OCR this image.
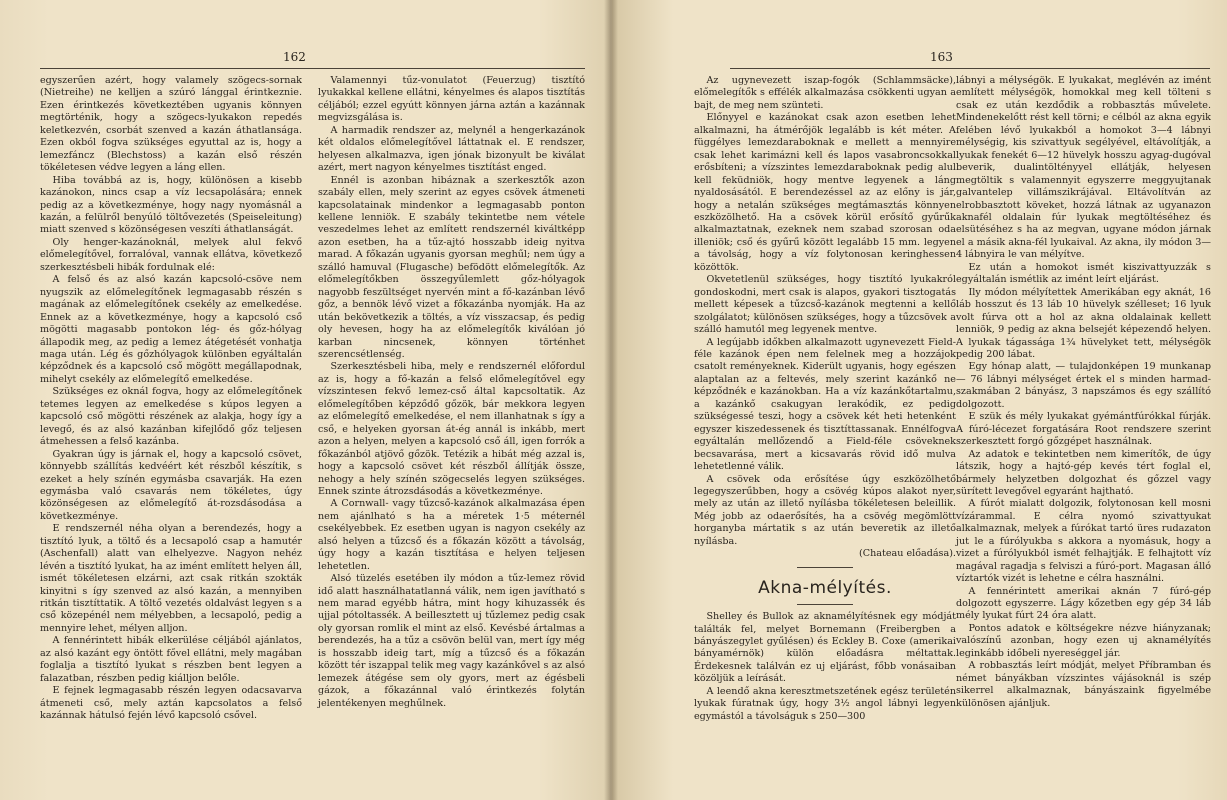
162

egyszerűen azért, hogy valamely szögecs-sornak (Nietreihe) ne kelljen a szúró lánggal érintkeznie. Ezen érintkezés következtében ugyanis könnyen megtörténik, hogy a szögecs-lyukakon repedés keletkezvén, csorbát szenved a kazán áthatlansága. Ezen okból fogva szükséges egyuttal az is, hogy a lemezfáncz (Blechstoss) a kazán első részén tökéletesen védve legyen a láng ellen.

Hiba továbbá az is, hogy, különösen a kisebb kazánokon, nincs csap a víz lecsapolására; ennek pedig az a következménye, hogy nagy nyomásnál a kazán, a felülről benyúló töltővezetés (Speiseleitung) miatt szenved s közönségesen veszíti áthatlanságát.

Oly henger-kazánoknál, melyek alul fekvő előmelegítővel, forralóval, vannak ellátva, következő szerkesztésbeli hibák fordulnak elé:

A felső és az alsó kazán kapcsoló-csöve nem nyugszik az előmelegítőnek legmagasabb részén s magának az előmelegítőnek csekély az emelkedése. Ennek az a következménye, hogy a kapcsoló cső mögötti magasabb pontokon lég- és gőz-hólyag állapodik meg, az pedig a lemez átégetését vonhatja maga után. Lég és gőzhólyagok különben egyáltalán képződnek és a kapcsoló cső mögött megállapodnak, mihelyt csekély az előmelegítő emelkedése.

Szükséges ez oknál fogva, hogy az előmelegítőnek tetemes legyen az emelkedése s kúpos legyen a kapcsoló cső mögötti részének az alakja, hogy így a levegő, és az alsó kazánban kifejlődő gőz teljesen átmehessen a felső kazánba.

Gyakran úgy is járnak el, hogy a kapcsoló csövet, könnyebb szállítás kedvéért két részből készítik, s ezeket a hely színén egymásba csavarják. Ha ezen egymásba való csavarás nem tökéletes, úgy közönségesen az előmelegítő át-rozsdásodása a következménye.

E rendszernél néha olyan a berendezés, hogy a tisztító lyuk, a töltő és a lecsapoló csap a hamutér (Aschenfall) alatt van elhelyezve. Nagyon nehéz lévén a tisztító lyukat, ha az imént említett helyen áll, ismét tökéletesen elzárni, azt csak ritkán szokták kinyitni s így szenved az alsó kazán, a mennyiben ritkán tisztíttatik. A töltő vezetés oldalvást legyen s a cső közepénél nem mélyebben, a lecsapoló, pedig a mennyire lehet, mélyen alljon.

A fennérintett hibák elkerülése céljából ajánlatos, az alsó kazánt egy öntött fővel ellátni, mely magában foglalja a tisztító lyukat s részben bent legyen a falazatban, részben pedig kiálljon belőle.

E fejnek legmagasabb részén legyen odacsavarva átmeneti cső, mely aztán kapcsolatos a felső kazánnak hátulsó fején lévő kapcsoló csővel.

Valamennyi tűz-vonulatot (Feuerzug) tisztító lyukakkal kellene ellátni, kényelmes és alapos tisztítás céljából; ezzel egyútt könnyen járna aztán a kazánnak megvizsgálása is.

A harmadik rendszer az, melynél a hengerkazánok két oldalos előmelegítővel láttatnak el. E rendszer, helyesen alkalmazva, igen jónak bizonyult be kiválat azért, mert nagyon kényelmes tisztítást enged.

Ennél is azonban hibáznak a szerkesztők azon szabály ellen, mely szerint az egyes csövek átmeneti kapcsolatainak mindenkor a legmagasabb ponton kellene lenniök. E szabály tekintetbe nem vétele veszedelmes lehet az említett rendszernél kiváltképp azon esetben, ha a tűz-ajtó hosszabb ideig nyitva marad. A főkazán ugyanis gyorsan meghűl; nem úgy a szálló hamuval (Flugasche) befödött előmelegítők. Az előmelegítőkben összegyűlemlett gőz-hólyagok nagyobb feszültséget nyervén mint a fő-kazánban lévő gőz, a bennök lévő vizet a főkazánba nyomják. Ha az után bekövetkezik a töltés, a víz visszacsap, és pedig oly hevesen, hogy ha az előmelegítők kiválóan jó karban nincsenek, könnyen történhet szerencsétlenség.

Szerkesztésbeli hiba, mely e rendszernél előfordul az is, hogy a fő-kazán a felső előmelegítővel egy vízszintesen fekvő lemez-cső által kapcsoltatik. Az előmelegítőben képződő gőzök, bár mekkora legyen az előmelegítő emelkedése, el nem illanhatnak s így a cső, e helyeken gyorsan át-ég annál is inkább, mert azon a helyen, melyen a kapcsoló cső áll, igen forrók a főkazánból atjövő gőzök. Tetézik a hibát még azzal is, hogy a kapcsoló csövet két részből állítják össze, nehogy a hely színén szögecselés legyen szükséges. Ennek szinte átrozsdásodás a következménye.

A Cornwall- vagy tűzcső-kazánok alkalmazása épen nem ajánlható s ha a méretek 1·5 méternél csekélyebbek. Ez esetben ugyan is nagyon csekély az alsó helyen a tűzcső és a főkazán között a távolság, úgy hogy a kazán tisztítása e helyen teljesen lehetetlen.

Alsó tüzelés esetében ily módon a tűz-lemez rövid idő alatt használhatatlanná válik, nem igen javítható s nem marad egyébb hátra, mint hogy kihuzassék és ujjal pótoltassék. A beillesztett uj tűzlemez pedig csak oly gyorsan romlik el mint az első. Kevésbé ártalmas a berendezés, ha a tűz a csövön belül van, mert így még is hosszabb ideig tart, míg a tűzcső és a főkazán között tér iszappal telik meg vagy kazánkővel s az alsó lemezek átégése sem oly gyors, mert az égésbeli gázok, a főkazánnal való érintkezés folytán jelentékenyen meghűlnek.

163

Az ugynevezett iszap-fogók (Schlammsäcke), előmelegítők s effélék alkalmazása csökkenti ugyan a bajt, de meg nem szünteti.

Előnyyel e kazánokat csak azon esetben lehet alkalmazni, ha átmérőjök legalább is két méter. A függélyes lemezdaraboknak e mellett a mennyire csak lehet karimázni kell és lapos vasabroncsokkal erősbíteni; a vízszintes lemezdaraboknak pedig alul kell feküdniök, hogy mentve legyenek a láng nyaldosásától. E berendezéssel az az előny is jár, hogy a netalán szükséges megtámasztás könnyen eszközölhető. Ha a csövek körül erősítő gyűrűk alkalmaztatnak, ezeknek nem szabad szorosan oda illeniök; cső és gyűrű között legalább 15 mm. legyen a távolság, hogy a víz folytonosan keringhessen közöttök.

Okvetetlenül szükséges, hogy tisztító lyukakról gondoskodni, mert csak is alapos, gyakori tisztogatás mellett képesek a tűzcső-kazánok megtenni a kellő szolgálatot; különösen szükséges, hogy a tűzcsövek a szálló hamutól meg legyenek mentve.

A legújabb időkben alkalmazott ugynevezett Field-féle kazánok épen nem felelnek meg a hozzájok csatolt reményeknek. Kiderült ugyanis, hogy egészen alaptalan az a feltevés, mely szerint kazánkő ne képződnék e kazánokban. Ha a víz kazánkőtartalmu, a kazánkő csakugyan lerakódik, ez pedig szükségessé teszi, hogy a csövek két heti hetenként egyszer kiszedessenek és tisztíttassanak. Ennélfogva egyáltalán mellőzendő a Field-féle csöveknek becsavarása, mert a kicsavarás rövid idő mulva lehetetlenné válik.

A csövek oda erősítése úgy eszközölhető legegyszerűbben, hogy a csövég kúpos alakot nyer, mely az után az illető nyílásba tökéletesen beleillik. Még jobb az odaerősítés, ha a csövég megömlött horganyba mártatik s az után beveretik az illető nyílásba.

(Chateau előadása).

Akna-mélyítés.

Shelley és Bullok az aknamélyítésnek egy módját találták fel, melyet Bornemann (Freibergben a bányászegylet gyűlésen) és Eckley B. Coxe (amerikai bányamérnök) külön előadásra méltattak. Érdekesnek találván ez uj eljárást, főbb vonásaiban közöljük a leírását.

A leendő akna keresztmetszetének egész területén lyukak fúratnak úgy, hogy 3½ angol lábnyi legyen egymástól a távolságuk s 250—300

lábnyi a mélységök. E lyukakat, meglévén az imént említett mélységök, homokkal meg kell tölteni s csak ez után kezdődik a robbasztás művelete. Mindenekelőtt rést kell törni; e célból az akna egyik felében lévő lyukakból a homokot 3—4 lábnyi mélységig, kis szivattyuk segélyével, eltávolítják, a lyukak fenekét 6—12 hüvelyk hosszu agyag-dugóval beverik, dualintöltényyel ellátják, helyesen megtöltik s valamennyit egyszerre meggyujtanak galvantelep villámszikrájával. Eltávolítván az elrobbasztott köveket, hozzá látnak az ugyanazon aknafél oldalain fúr lyukak megtöltéséhez és elsütéséhez s ha az megvan, ugyane módon járnak el a másik akna-fél lyukaival. Az akna, ily módon 3—4 lábnyira le van mélyítve.

Ez után a homokot ismét kiszivattyuzzák s egyáltalán ismétlik az imént leírt eljárást.

Ily módon mélyítettek Amerikában egy aknát, 16 láb hosszut és 13 láb 10 hüvelyk szélleset; 16 lyuk volt fúrva ott a hol az akna oldalainak kellett lenniök, 9 pedig az akna belsejét képezendő helyen. A lyukak tágassága 1¾ hüvelyket tett, mélységök pedig 200 lábat.

Egy hónap alatt, — tulajdonképen 19 munkanap — 76 lábnyi mélységet értek el s minden harmad-szakmában 2 bányász, 3 napszámos és egy szállító dolgozott.

E szük és mély lyukakat gyémántfúrókkal fúrják. A fúró-lécezet forgatására Root rendszere szerint szerkesztett forgó gőzgépet használnak.

Az adatok e tekintetben nem kimerítők, de úgy látszik, hogy a hajtó-gép kevés tért foglal el, bármely helyzetben dolgozhat és gőzzel vagy sürített levegővel egyaránt hajtható.

A fúrót mialatt dolgozik, folytonosan kell mosni vízárammal. E célra nyomó szivattyukat alkalmaznak, melyek a fúrókat tartó üres rudazaton jut le a fúrólyukba s akkora a nyomásuk, hogy a vizet a fúrólyukból ismét felhajtják. E felhajtott víz magával ragadja s felviszi a fúró-port. Magasan álló víztartók vizét is lehetne e célra használni.

A fennérintett amerikai aknán 7 fúró-gép dolgozott egyszerre. Lágy kőzetben egy gép 34 láb mély lyukat fúrt 24 óra alatt.

Pontos adatok e költségekre nézve hiányzanak; valószínű azonban, hogy ezen uj aknamélyítés leginkább időbeli nyereséggel jár.

A robbasztás leírt módját, melyet Příbramban és német bányákban vízszintes vájásoknál is szép sikerrel alkalmaznak, bányászaink figyelmébe különösen ajánljuk.
